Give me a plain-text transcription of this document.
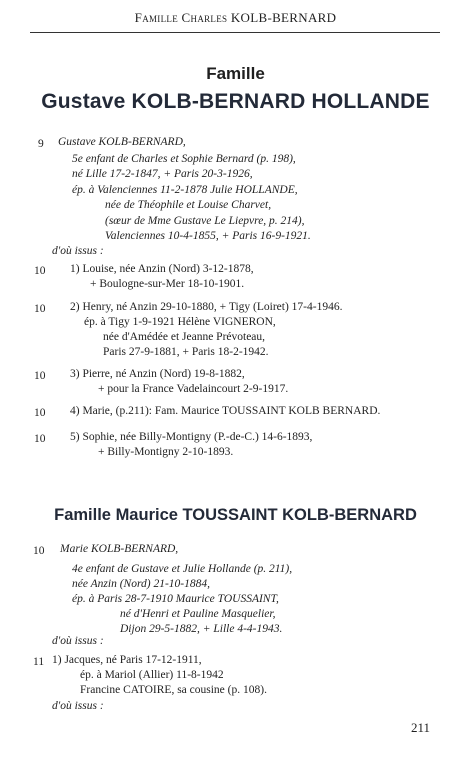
Famille Charles KOLB-BERNARD
Famille
Gustave KOLB-BERNARD HOLLANDE
9 Gustave KOLB-BERNARD,
5e enfant de Charles et Sophie Bernard (p. 198),
né Lille 17-2-1847, + Paris 20-3-1926,
ép. à Valenciennes 11-2-1878 Julie HOLLANDE,
née de Théophile et Louise Charvet,
(sœur de Mme Gustave Le Liepvre, p. 214),
Valenciennes 10-4-1855, + Paris 16-9-1921.
d'où issus :
10 1) Louise, née Anzin (Nord) 3-12-1878,
+ Boulogne-sur-Mer 18-10-1901.
10 2) Henry, né Anzin 29-10-1880, + Tigy (Loiret) 17-4-1946.
ép. à Tigy 1-9-1921 Hélène VIGNERON,
née d'Amédée et Jeanne Prévoteau,
Paris 27-9-1881, + Paris 18-2-1942.
10 3) Pierre, né Anzin (Nord) 19-8-1882,
+ pour la France Vadelaincourt 2-9-1917.
10 4) Marie, (p.211): Fam. Maurice TOUSSAINT KOLB BERNARD.
10 5) Sophie, née Billy-Montigny (P.-de-C.) 14-6-1893,
+ Billy-Montigny 2-10-1893.
Famille Maurice TOUSSAINT KOLB-BERNARD
10 Marie KOLB-BERNARD,
4e enfant de Gustave et Julie Hollande (p. 211),
née Anzin (Nord) 21-10-1884,
ép. à Paris 28-7-1910 Maurice TOUSSAINT,
né d'Henri et Pauline Masquelier,
Dijon 29-5-1882, + Lille 4-4-1943.
d'où issus :
11 1) Jacques, né Paris 17-12-1911,
ép. à Mariol (Allier) 11-8-1942
Francine CATOIRE, sa cousine (p. 108).
d'où issus :
211
